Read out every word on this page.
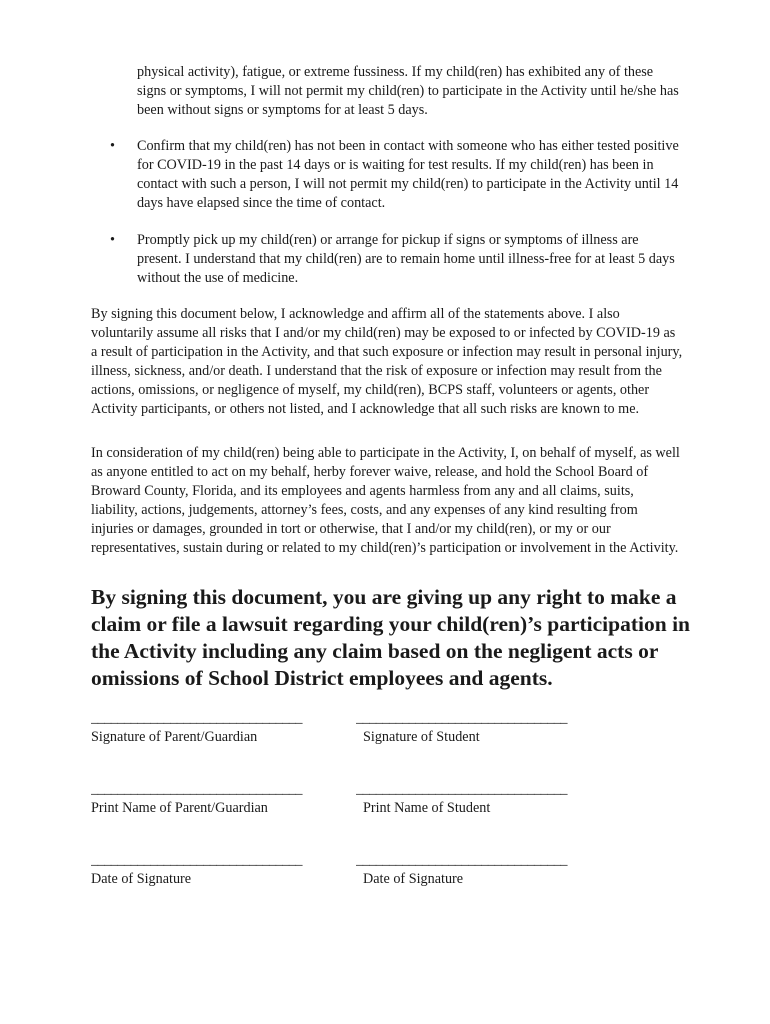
physical activity), fatigue, or extreme fussiness. If my child(ren) has exhibited any of these signs or symptoms, I will not permit my child(ren) to participate in the Activity until he/she has been without signs or symptoms for at least 5 days.

•	Confirm that my child(ren) has not been in contact with someone who has either tested positive for COVID-19 in the past 14 days or is waiting for test results. If my child(ren) has been in contact with such a person, I will not permit my child(ren) to participate in the Activity until 14 days have elapsed since the time of contact.
•	Promptly pick up my child(ren) or arrange for pickup if signs or symptoms of illness are present. I understand that my child(ren) are to remain home until illness-free for at least 5 days without the use of medicine.

By signing this document below, I acknowledge and affirm all of the statements above. I also voluntarily assume all risks that I and/or my child(ren) may be exposed to or infected by COVID-19 as a result of participation in the Activity, and that such exposure or infection may result in personal injury, illness, sickness, and/or death. I understand that the risk of exposure or infection may result from the actions, omissions, or negligence of myself, my child(ren), BCPS staff, volunteers or agents, other Activity participants, or others not listed, and I acknowledge that all such risks are known to me.

In consideration of my child(ren) being able to participate in the Activity, I, on behalf of myself, as well as anyone entitled to act on my behalf, herby forever waive, release, and hold the School Board of Broward County, Florida, and its employees and agents harmless from any and all claims, suits, liability, actions, judgements, attorney’s fees, costs, and any expenses of any kind resulting from injuries or damages, grounded in tort or otherwise, that I and/or my child(ren), or my or our representatives, sustain during or related to my child(ren)’s participation or involvement in the Activity.

By signing this document, you are giving up any right to make a claim or file a lawsuit regarding your child(ren)’s participation in the Activity including any claim based on the negligent acts or omissions of School District employees and agents.

________________________________
Signature of Parent/Guardian
________________________________
Signature of Student
________________________________
Print Name of Parent/Guardian
________________________________
Print Name of Student
________________________________
Date of Signature
________________________________
Date of Signature
